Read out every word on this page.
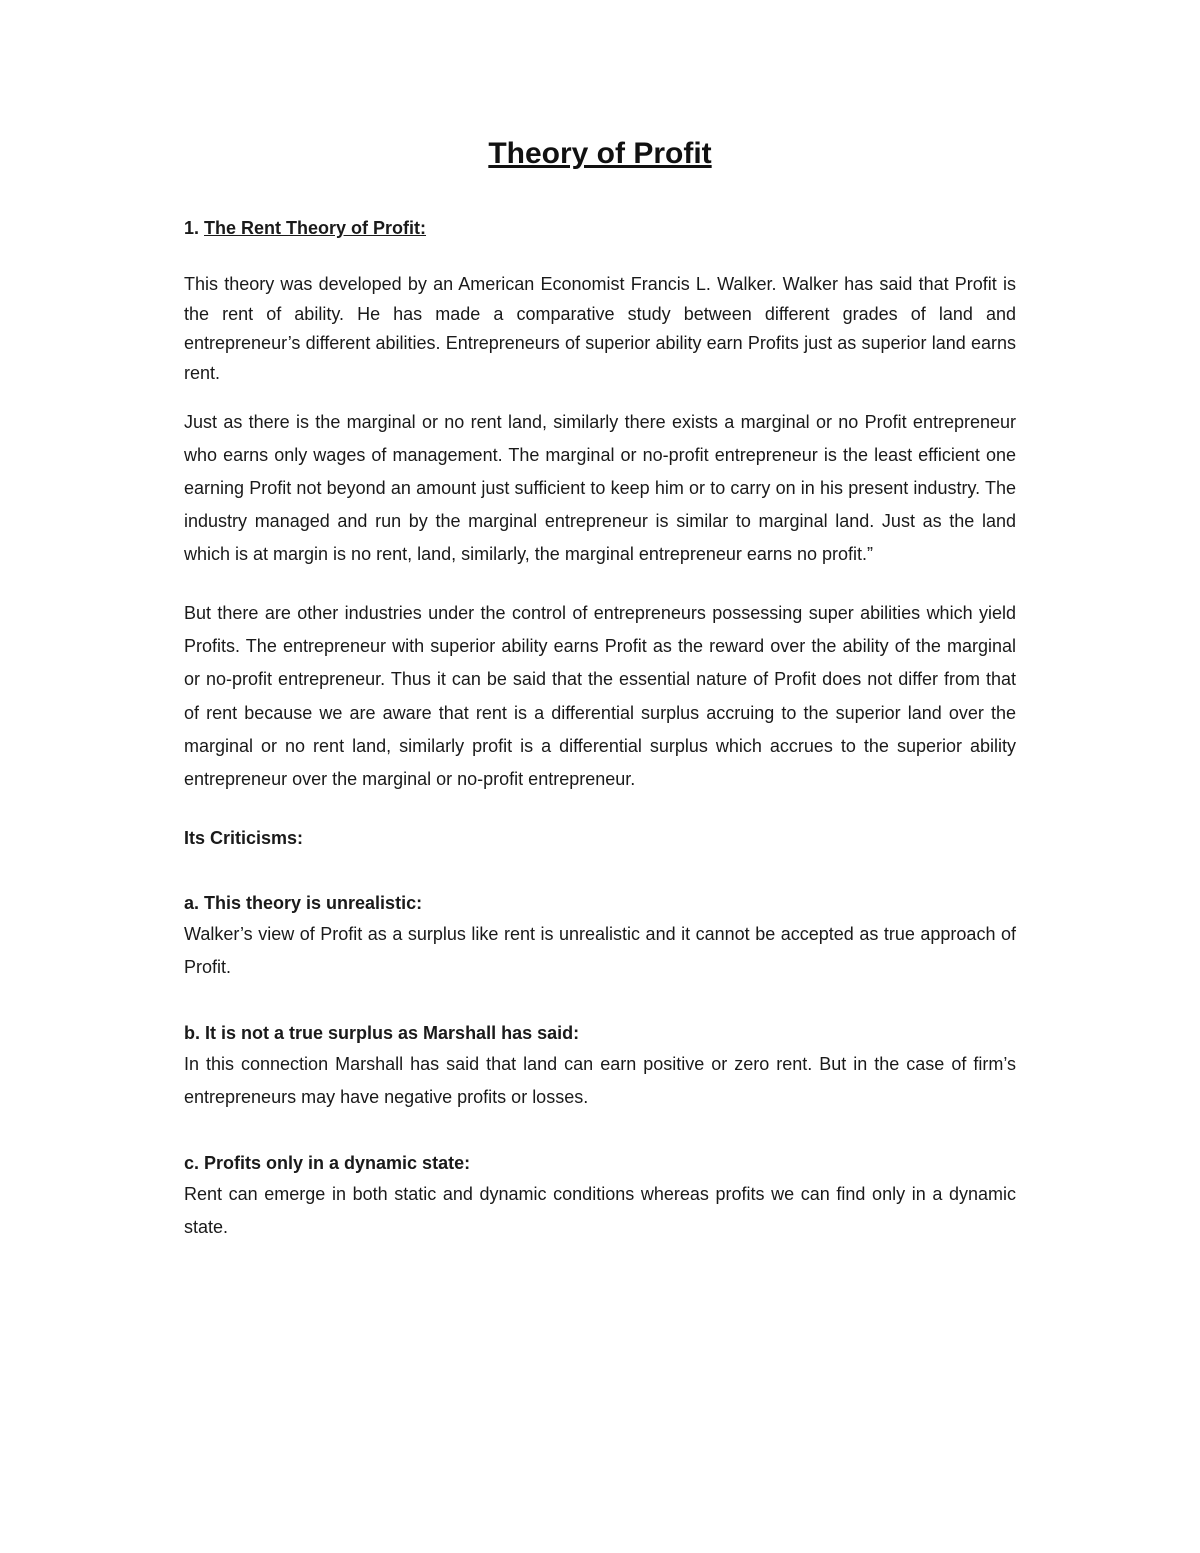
Theory of Profit

1. The Rent Theory of Profit:

This theory was developed by an American Economist Francis L. Walker. Walker has said that Profit is the rent of ability. He has made a comparative study between different grades of land and entrepreneur’s different abilities. Entrepreneurs of superior ability earn Profits just as superior land earns rent.

Just as there is the marginal or no rent land, similarly there exists a marginal or no Profit entrepreneur who earns only wages of management. The marginal or no-profit entrepreneur is the least efficient one earning Profit not beyond an amount just sufficient to keep him or to carry on in his present industry. The industry managed and run by the marginal entrepreneur is similar to marginal land. Just as the land which is at margin is no rent, land, similarly, the marginal entrepreneur earns no profit.”

But there are other industries under the control of entrepreneurs possessing super abilities which yield Profits. The entrepreneur with superior ability earns Profit as the reward over the ability of the marginal or no-profit entrepreneur. Thus it can be said that the essential nature of Profit does not differ from that of rent because we are aware that rent is a differential surplus accruing to the superior land over the marginal or no rent land, similarly profit is a differential surplus which accrues to the superior ability entrepreneur over the marginal or no-profit entrepreneur.

Its Criticisms:

a. This theory is unrealistic:

Walker’s view of Profit as a surplus like rent is unrealistic and it cannot be accepted as true approach of Profit.

b. It is not a true surplus as Marshall has said:

In this connection Marshall has said that land can earn positive or zero rent. But in the case of firm’s entrepreneurs may have negative profits or losses.

c. Profits only in a dynamic state:

Rent can emerge in both static and dynamic conditions whereas profits we can find only in a dynamic state.
